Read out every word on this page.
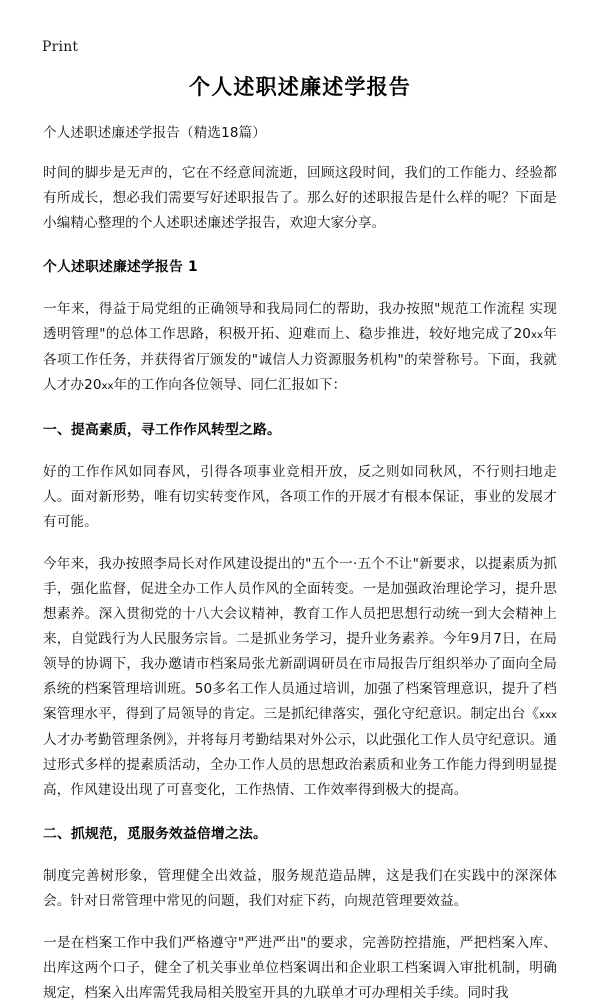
Print
个人述职述廉述学报告

个人述职述廉述学报告（精选18篇）

时间的脚步是无声的，它在不经意间流逝，回顾这段时间，我们的工作能力、经验都有所成长，想必我们需要写好述职报告了。那么好的述职报告是什么样的呢？下面是小编精心整理的个人述职述廉述学报告，欢迎大家分享。

个人述职述廉述学报告 1

一年来，得益于局党组的正确领导和我局同仁的帮助，我办按照"规范工作流程 实现透明管理"的总体工作思路，积极开拓、迎难而上、稳步推进，较好地完成了20xx年各项工作任务，并获得省厅颁发的"诚信人力资源服务机构"的荣誉称号。下面，我就人才办20xx年的工作向各位领导、同仁汇报如下：

一、提高素质，寻工作作风转型之路。

好的工作作风如同春风，引得各项事业竞相开放，反之则如同秋风，不行则扫地走人。面对新形势，唯有切实转变作风，各项工作的开展才有根本保证，事业的发展才有可能。

今年来，我办按照李局长对作风建设提出的"五个一·五个不让"新要求，以提素质为抓手，强化监督，促进全办工作人员作风的全面转变。一是加强政治理论学习，提升思想素养。深入贯彻党的十八大会议精神，教育工作人员把思想行动统一到大会精神上来，自觉践行为人民服务宗旨。二是抓业务学习，提升业务素养。今年9月7日，在局领导的协调下，我办邀请市档案局张尤新副调研员在市局报告厅组织举办了面向全局系统的档案管理培训班。50多名工作人员通过培训，加强了档案管理意识，提升了档案管理水平，得到了局领导的肯定。三是抓纪律落实，强化守纪意识。制定出台《xxx人才办考勤管理条例》，并将每月考勤结果对外公示，以此强化工作人员守纪意识。通过形式多样的提素质活动，全办工作人员的思想政治素质和业务工作能力得到明显提高，作风建设出现了可喜变化，工作热情、工作效率得到极大的提高。

二、抓规范，觅服务效益倍增之法。

制度完善树形象，管理健全出效益，服务规范造品牌，这是我们在实践中的深深体会。针对日常管理中常见的问题，我们对症下药，向规范管理要效益。

一是在档案工作中我们严格遵守"严进严出"的要求，完善防控措施，严把档案入库、出库这两个口子，健全了机关事业单位档案调出和企业职工档案调入审批机制，明确规定，档案入出库需凭我局相关股室开具的九联单才可办理相关手续。同时我
